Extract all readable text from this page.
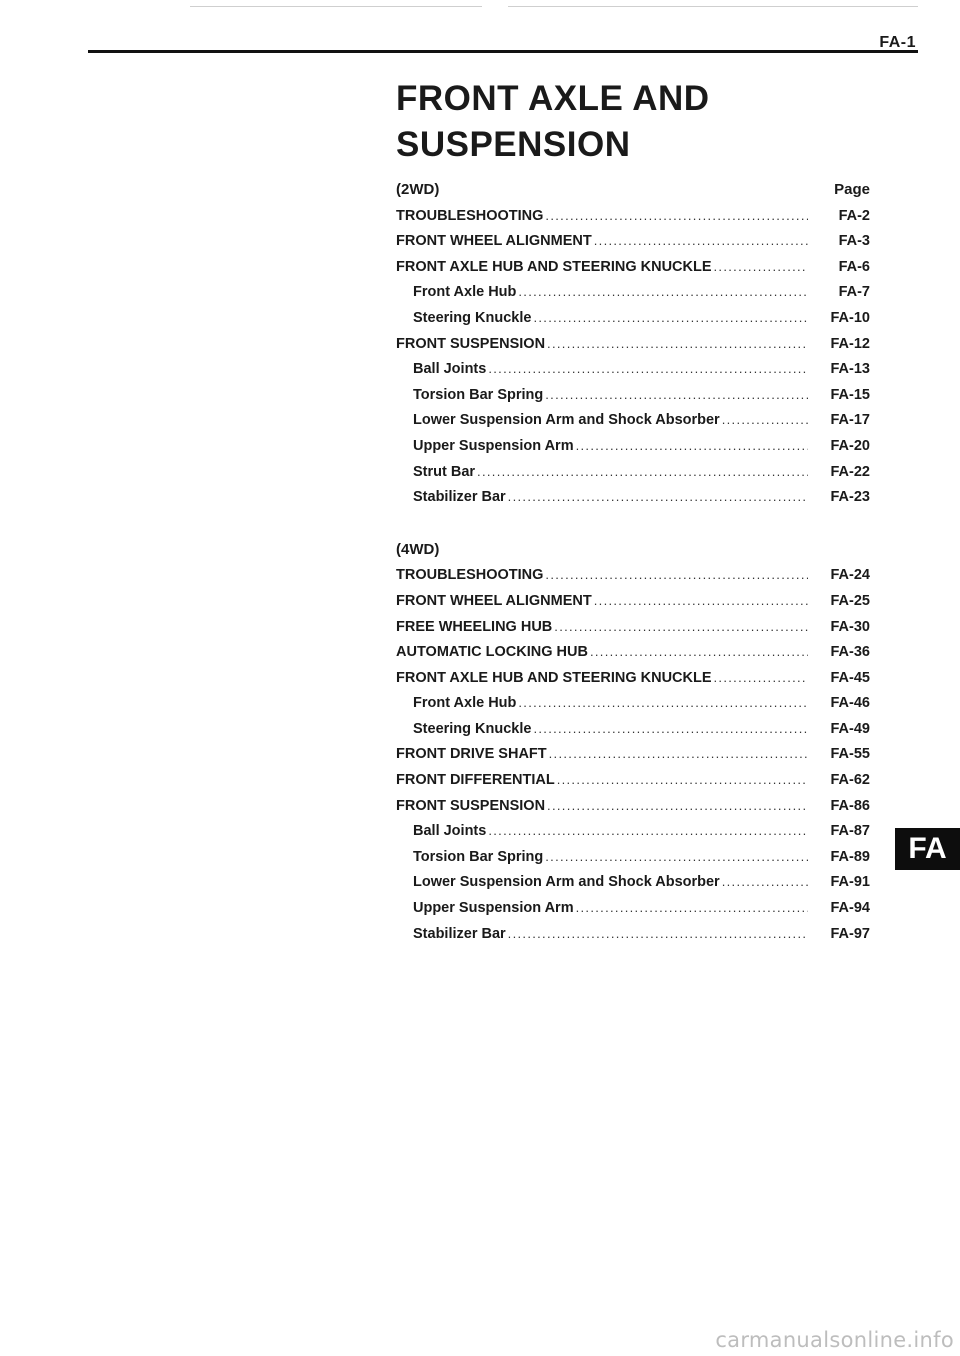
FA-1
FRONT AXLE AND
SUSPENSION
(2WD)	Page
TROUBLESHOOTING .....	FA-2
FRONT WHEEL ALIGNMENT .....	FA-3
FRONT AXLE HUB AND STEERING KNUCKLE .....	FA-6
Front Axle Hub .....	FA-7
Steering Knuckle .....	FA-10
FRONT SUSPENSION .....	FA-12
Ball Joints .....	FA-13
Torsion Bar Spring .....	FA-15
Lower Suspension Arm and Shock Absorber .....	FA-17
Upper Suspension Arm .....	FA-20
Strut Bar .....	FA-22
Stabilizer Bar .....	FA-23
(4WD)
TROUBLESHOOTING .....	FA-24
FRONT WHEEL ALIGNMENT .....	FA-25
FREE WHEELING HUB .....	FA-30
AUTOMATIC LOCKING HUB .....	FA-36
FRONT AXLE HUB AND STEERING KNUCKLE .....	FA-45
Front Axle Hub .....	FA-46
Steering Knuckle .....	FA-49
FRONT DRIVE SHAFT .....	FA-55
FRONT DIFFERENTIAL .....	FA-62
FRONT SUSPENSION .....	FA-86
Ball Joints .....	FA-87
Torsion Bar Spring .....	FA-89
Lower Suspension Arm and Shock Absorber .....	FA-91
Upper Suspension Arm .....	FA-94
Stabilizer Bar .....	FA-97
FA
carmanualsonline.info
